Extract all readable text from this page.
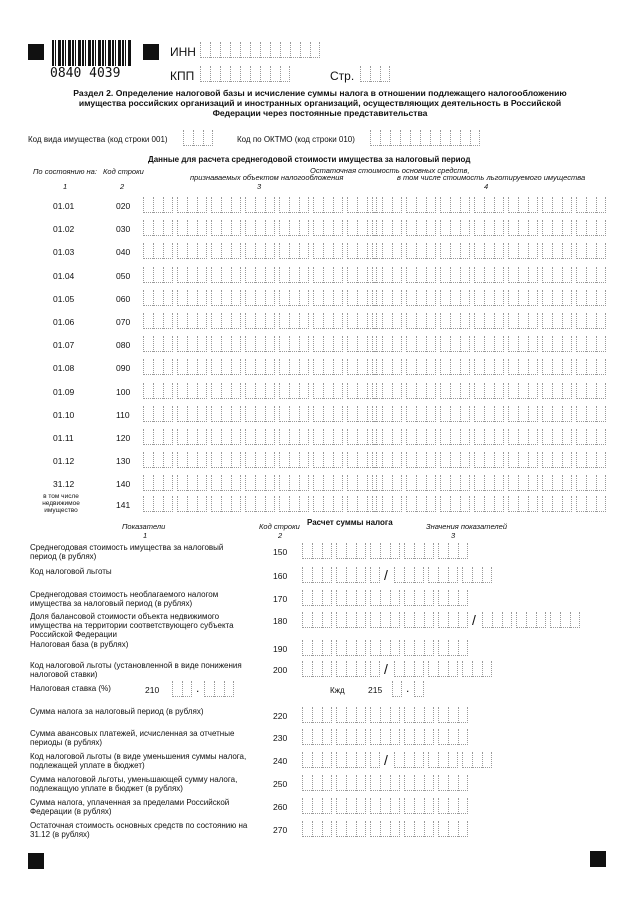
0840 4039
ИНН
КПП	Стр.
Раздел 2. Определение налоговой базы и исчисление суммы налога в отношении подлежащего налогообложению
имущества российских организаций и иностранных организаций, осуществляющих деятельность в Российской
Федерации через постоянные представительства
Код вида имущества (код строки 001)	Код по ОКТМО (код строки 010)
Данные для расчета среднегодовой стоимости имущества за налоговый период
По состоянию на: Код строки	Остаточная стоимость основных средств,
признаваемых объектом налогообложения	в том числе стоимость льготируемого имущества
1	2	3	4
01.01	020
01.02	030
01.03	040
01.04	050
01.05	060
01.06	070
01.07	080
01.08	090
01.09	100
01.10	110
01.11	120
01.12	130
31.12	140
в том числе
недвижимое
имущество
141
Расчет суммы налога
Показатели	Код строки	Значения показателей
1	2	3
Среднегодовая стоимость имущества за налоговый
период (в рублях)	150
Код налоговой льготы	160	/
Среднегодовая стоимость необлагаемого налогом
имущества за налоговый период (в рублях)	170
Доля балансовой стоимости объекта недвижимого
имущества на территории соответствующего субъекта
Российской Федерации
180	/
Налоговая база (в рублях)	190
Код налоговой льготы (установленной в виде понижения
налоговой ставки)	200	/
Налоговая ставка (%)	210	.	Кжд	215 .
Сумма налога за налоговый период (в рублях)	220
Сумма авансовых платежей, исчисленная за отчетные
периоды (в рублях)	230
Код налоговой льготы (в виде уменьшения суммы налога,
подлежащей уплате в бюджет)	240	/
Сумма налоговой льготы, уменьшающей сумму налога,
подлежащую уплате в бюджет (в рублях)	250
Сумма налога, уплаченная за пределами Российской
Федерации (в рублях)	260
Остаточная стоимость основных средств по состоянию на
31.12 (в рублях)	270
